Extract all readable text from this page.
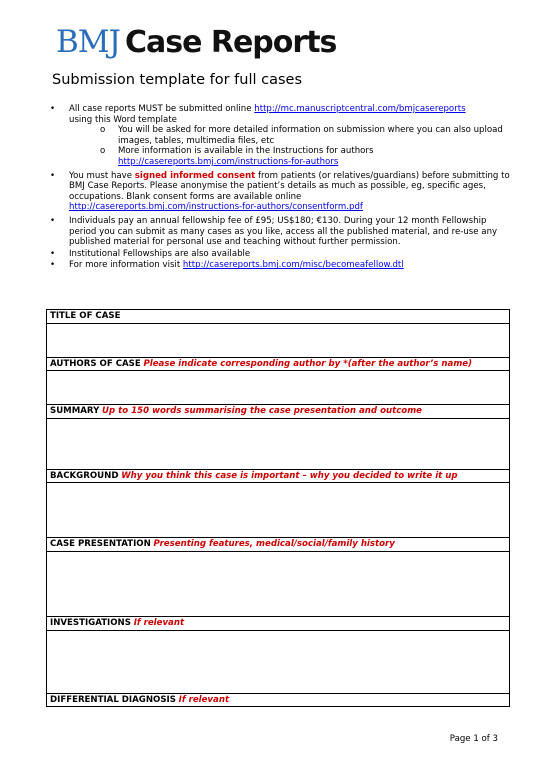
BMJ Case Reports
Submission template for full cases
• All case reports MUST be submitted online http://mc.manuscriptcentral.com/bmjcasereports
using this Word template
o You will be asked for more detailed information on submission where you can also upload images, tables, multimedia files, etc
o More information is available in the Instructions for authors
http://casereports.bmj.com/instructions-for-authors
• You must have signed informed consent from patients (or relatives/guardians) before submitting to BMJ Case Reports. Please anonymise the patient’s details as much as possible, eg, specific ages, occupations. Blank consent forms are available online
http://casereports.bmj.com/instructions-for-authors/consentform.pdf
• Individuals pay an annual fellowship fee of £95; US$180; €130. During your 12 month Fellowship period you can submit as many cases as you like, access all the published material, and re-use any published material for personal use and teaching without further permission.
• Institutional Fellowships are also available
• For more information visit http://casereports.bmj.com/misc/becomeafellow.dtl
TITLE OF CASE

AUTHORS OF CASE Please indicate corresponding author by *(after the author’s name)

SUMMARY Up to 150 words summarising the case presentation and outcome

BACKGROUND Why you think this case is important – why you decided to write it up

CASE PRESENTATION Presenting features, medical/social/family history

INVESTIGATIONS If relevant

DIFFERENTIAL DIAGNOSIS If relevant
Page 1 of 3
